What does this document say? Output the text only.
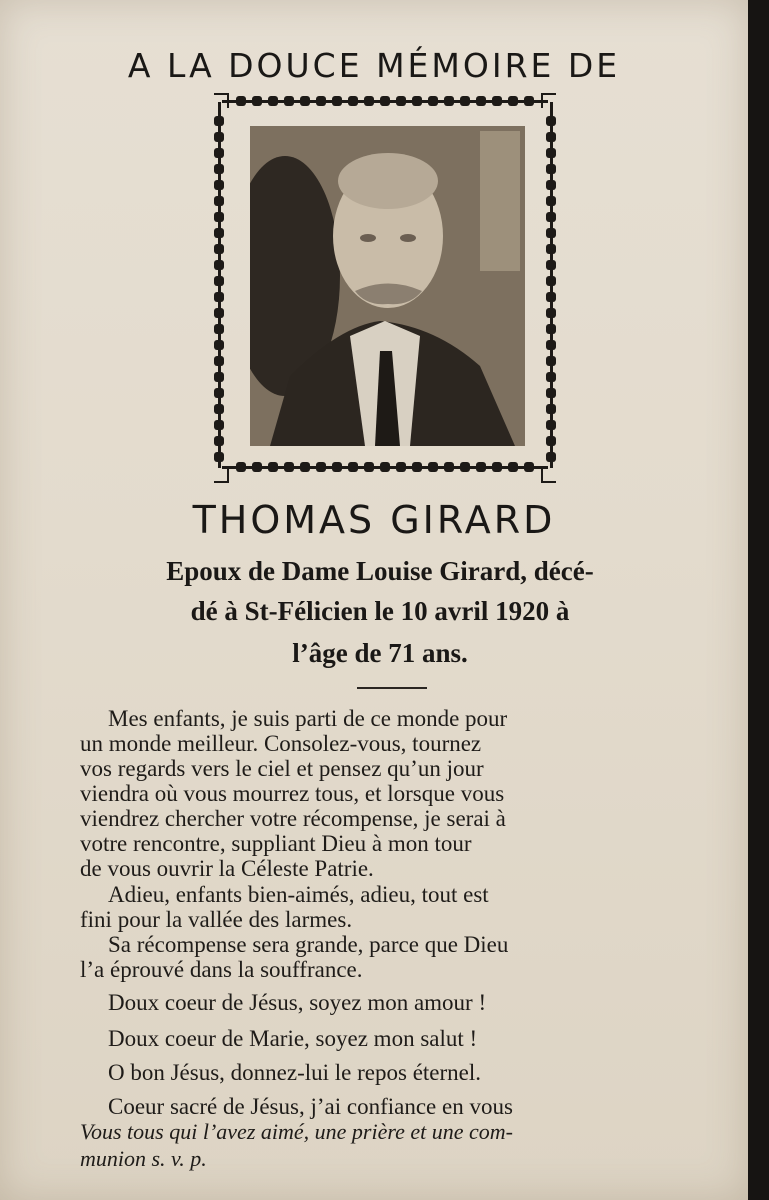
A LA DOUCE MÉMOIRE DE
THOMAS GIRARD
Epoux de Dame Louise Girard, décé-
dé à St-Félicien le 10 avril 1920 à
l’âge de 71 ans.
Mes enfants, je suis parti de ce monde pour
un monde meilleur. Consolez-vous, tournez
vos regards vers le ciel et pensez qu’un jour
viendra où vous mourrez tous, et lorsque vous
viendrez chercher votre récompense, je serai à
votre rencontre, suppliant Dieu à mon tour
de vous ouvrir la Céleste Patrie.
Adieu, enfants bien-aimés, adieu, tout est
fini pour la vallée des larmes.
Sa récompense sera grande, parce que Dieu
l’a éprouvé dans la souffrance.
Doux coeur de Jésus, soyez mon amour !
Doux coeur de Marie, soyez mon salut !
O bon Jésus, donnez-lui le repos éternel.
Coeur sacré de Jésus, j’ai confiance en vous
Vous tous qui l’avez aimé, une prière et une com-
munion s. v. p.
